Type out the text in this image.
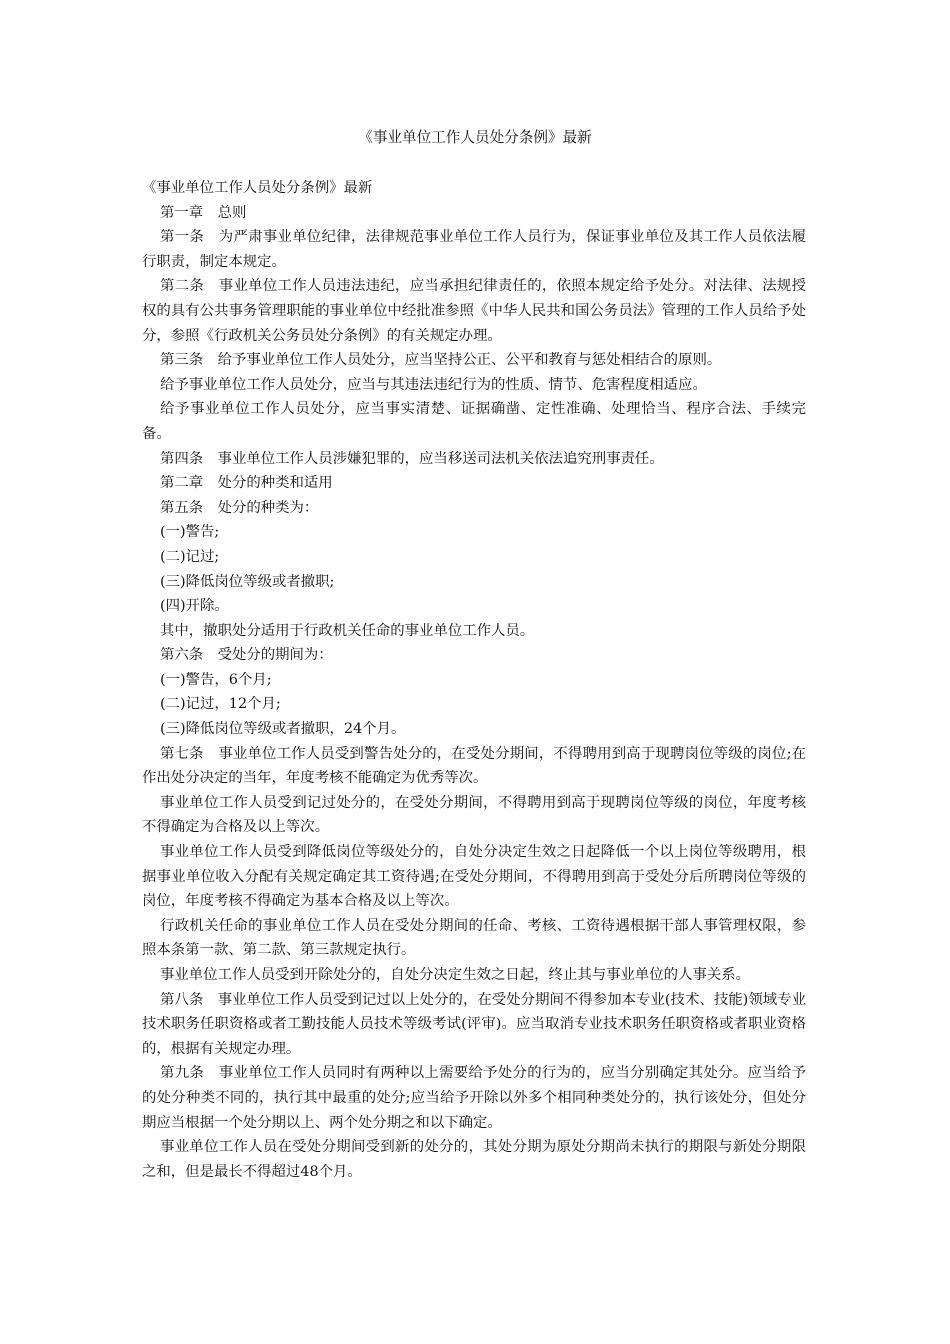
《事业单位工作人员处分条例》最新

《事业单位工作人员处分条例》最新

第一章　总则

第一条　为严肃事业单位纪律，法律规范事业单位工作人员行为，保证事业单位及其工作人员依法履行职责，制定本规定。

第二条　事业单位工作人员违法违纪，应当承担纪律责任的，依照本规定给予处分。对法律、法规授权的具有公共事务管理职能的事业单位中经批准参照《中华人民共和国公务员法》管理的工作人员给予处分，参照《行政机关公务员处分条例》的有关规定办理。

第三条　给予事业单位工作人员处分，应当坚持公正、公平和教育与惩处相结合的原则。

给予事业单位工作人员处分，应当与其违法违纪行为的性质、情节、危害程度相适应。

给予事业单位工作人员处分，应当事实清楚、证据确凿、定性准确、处理恰当、程序合法、手续完备。

第四条　事业单位工作人员涉嫌犯罪的，应当移送司法机关依法追究刑事责任。

第二章　处分的种类和适用

第五条　处分的种类为：

(一)警告;

(二)记过;

(三)降低岗位等级或者撤职;

(四)开除。

其中，撤职处分适用于行政机关任命的事业单位工作人员。

第六条　受处分的期间为：

(一)警告，6个月;

(二)记过，12个月;

(三)降低岗位等级或者撤职，24个月。

第七条　事业单位工作人员受到警告处分的，在受处分期间，不得聘用到高于现聘岗位等级的岗位;在作出处分决定的当年，年度考核不能确定为优秀等次。

事业单位工作人员受到记过处分的，在受处分期间，不得聘用到高于现聘岗位等级的岗位，年度考核不得确定为合格及以上等次。

事业单位工作人员受到降低岗位等级处分的，自处分决定生效之日起降低一个以上岗位等级聘用，根据事业单位收入分配有关规定确定其工资待遇;在受处分期间，不得聘用到高于受处分后所聘岗位等级的岗位，年度考核不得确定为基本合格及以上等次。

行政机关任命的事业单位工作人员在受处分期间的任命、考核、工资待遇根据干部人事管理权限，参照本条第一款、第二款、第三款规定执行。

事业单位工作人员受到开除处分的，自处分决定生效之日起，终止其与事业单位的人事关系。

第八条　事业单位工作人员受到记过以上处分的，在受处分期间不得参加本专业(技术、技能)领域专业技术职务任职资格或者工勤技能人员技术等级考试(评审)。应当取消专业技术职务任职资格或者职业资格的，根据有关规定办理。

第九条　事业单位工作人员同时有两种以上需要给予处分的行为的，应当分别确定其处分。应当给予的处分种类不同的，执行其中最重的处分;应当给予开除以外多个相同种类处分的，执行该处分，但处分期应当根据一个处分期以上、两个处分期之和以下确定。

事业单位工作人员在受处分期间受到新的处分的，其处分期为原处分期尚未执行的期限与新处分期限之和，但是最长不得超过48个月。
